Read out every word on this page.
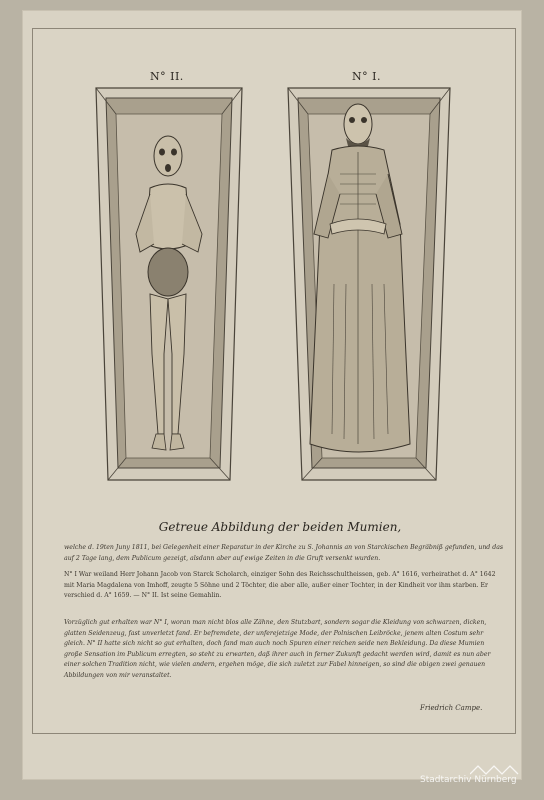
N° II.	N° I.
Getreue Abbildung der beiden Mumien,
welche d. 19ten Juny 1811, bei Gelegenheit einer Reparatur in der Kirche zu S. Johannis an von Starckischen Begräbniß gefunden, und das auf 2 Tage lang, dem Publicum gezeigt, alsdann aber auf ewige Zeiten in die Gruft versenkt wurden.
N° I War weiland Herr Johann Jacob von Starck Scholarch, einziger Sohn des Reichsschultheissen, geb. A° 1616, verheirathet d. A° 1642 mit Maria Magdalena von Imhoff, zeugte 5 Söhne und 2 Töchter, die aber alle, außer einer Tochter, in der Kindheit vor ihm starben. Er verschied d. A° 1659. — N° II. Ist seine Gemahlin.
Vorzüglich gut erhalten war N° I, woran man nicht blos alle Zähne, den Stutzbart, sondern sogar die Kleidung von schwarzen, dicken, glatten Seidenzeug, fast unverletzt fand. Er befremdete, der unferejetzige Mode, der Polnischen Leibröcke, jenem alten Costum sehr gleich. N° II hatte sich nicht so gut erhalten, doch fand man auch noch Spuren einer reichen seide nen Bekleidung. Da diese Mumien große Sensation im Publicum erregten, so steht zu erwarten, daß ihrer auch in ferner Zukunft gedacht werden wird, damit es nun aber einer solchen Tradition nicht, wie vielen andern, ergehen möge, die sich zuletzt zur Fabel hinneigen, so sind die obigen zwei genauen Abbildungen von mir veranstaltet.
Friedrich Campe.
Stadtarchiv Nürnberg
